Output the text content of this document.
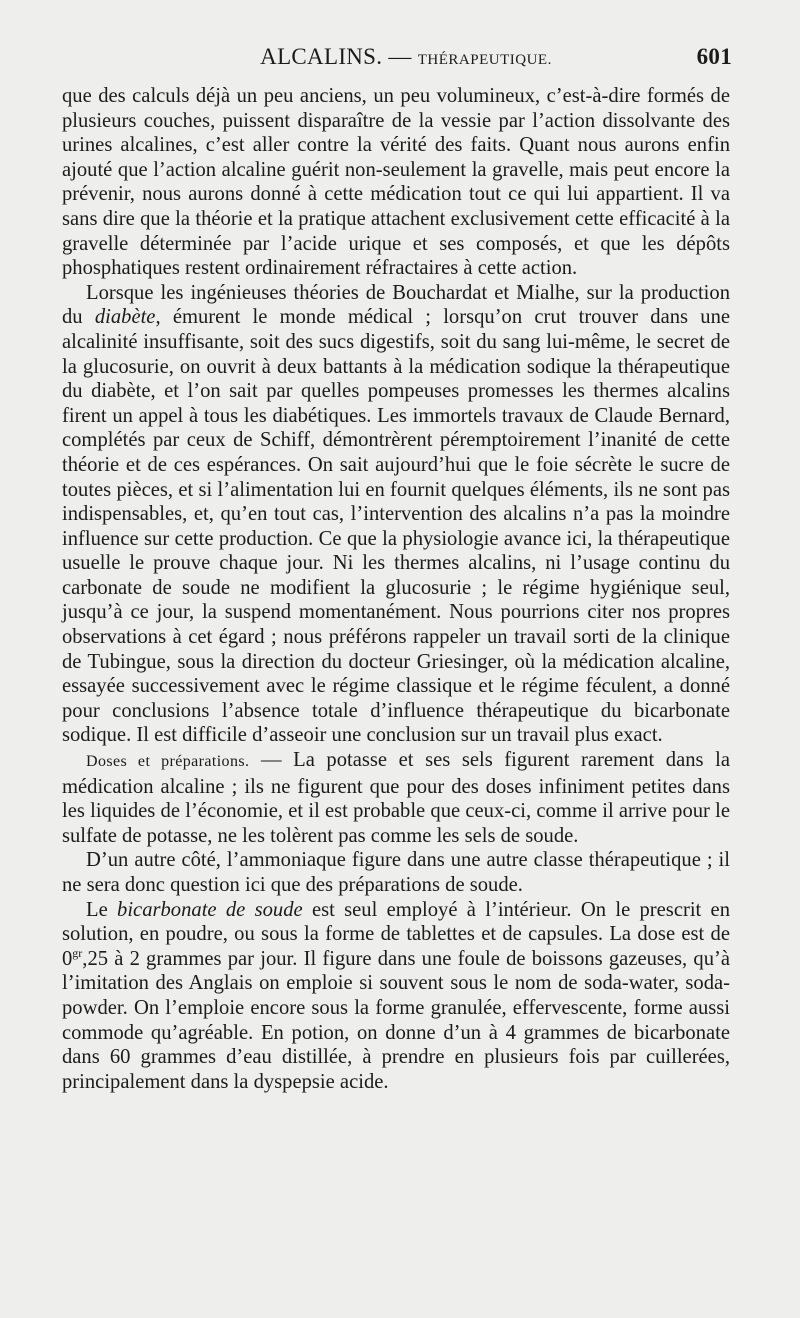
ALCALINS. — THÉRAPEUTIQUE.	601

que des calculs déjà un peu anciens, un peu volumineux, c’est-à-dire formés de plusieurs couches, puissent disparaître de la vessie par l’action dissolvante des urines alcalines, c’est aller contre la vérité des faits. Quant nous aurons enfin ajouté que l’action alcaline guérit non-seulement la gravelle, mais peut encore la prévenir, nous aurons donné à cette médication tout ce qui lui appartient. Il va sans dire que la théorie et la pratique attachent exclusivement cette efficacité à la gravelle déterminée par l’acide urique et ses composés, et que les dépôts phosphatiques restent ordinairement réfractaires à cette action.

Lorsque les ingénieuses théories de Bouchardat et Mialhe, sur la production du diabète, émurent le monde médical ; lorsqu’on crut trouver dans une alcalinité insuffisante, soit des sucs digestifs, soit du sang lui-même, le secret de la glucosurie, on ouvrit à deux battants à la médication sodique la thérapeutique du diabète, et l’on sait par quelles pompeuses promesses les thermes alcalins firent un appel à tous les diabétiques. Les immortels travaux de Claude Bernard, complétés par ceux de Schiff, démontrèrent péremptoirement l’inanité de cette théorie et de ces espérances. On sait aujourd’hui que le foie sécrète le sucre de toutes pièces, et si l’alimentation lui en fournit quelques éléments, ils ne sont pas indispensables, et, qu’en tout cas, l’intervention des alcalins n’a pas la moindre influence sur cette production. Ce que la physiologie avance ici, la thérapeutique usuelle le prouve chaque jour. Ni les thermes alcalins, ni l’usage continu du carbonate de soude ne modifient la glucosurie ; le régime hygiénique seul, jusqu’à ce jour, la suspend momentanément. Nous pourrions citer nos propres observations à cet égard ; nous préférons rappeler un travail sorti de la clinique de Tubingue, sous la direction du docteur Griesinger, où la médication alcaline, essayée successivement avec le régime classique et le régime féculent, a donné pour conclusions l’absence totale d’influence thérapeutique du bicarbonate sodique. Il est difficile d’asseoir une conclusion sur un travail plus exact.

Doses et préparations. — La potasse et ses sels figurent rarement dans la médication alcaline ; ils ne figurent que pour des doses infiniment petites dans les liquides de l’économie, et il est probable que ceux-ci, comme il arrive pour le sulfate de potasse, ne les tolèrent pas comme les sels de soude.

D’un autre côté, l’ammoniaque figure dans une autre classe thérapeutique ; il ne sera donc question ici que des préparations de soude.

Le bicarbonate de soude est seul employé à l’intérieur. On le prescrit en solution, en poudre, ou sous la forme de tablettes et de capsules. La dose est de $0^{gr},25$ à 2 grammes par jour. Il figure dans une foule de boissons gazeuses, qu’à l’imitation des Anglais on emploie si souvent sous le nom de soda-water, soda-powder. On l’emploie encore sous la forme granulée, effervescente, forme aussi commode qu’agréable. En potion, on donne d’un à 4 grammes de bicarbonate dans 60 grammes d’eau distillée, à prendre en plusieurs fois par cuillerées, principalement dans la dyspepsie acide.
